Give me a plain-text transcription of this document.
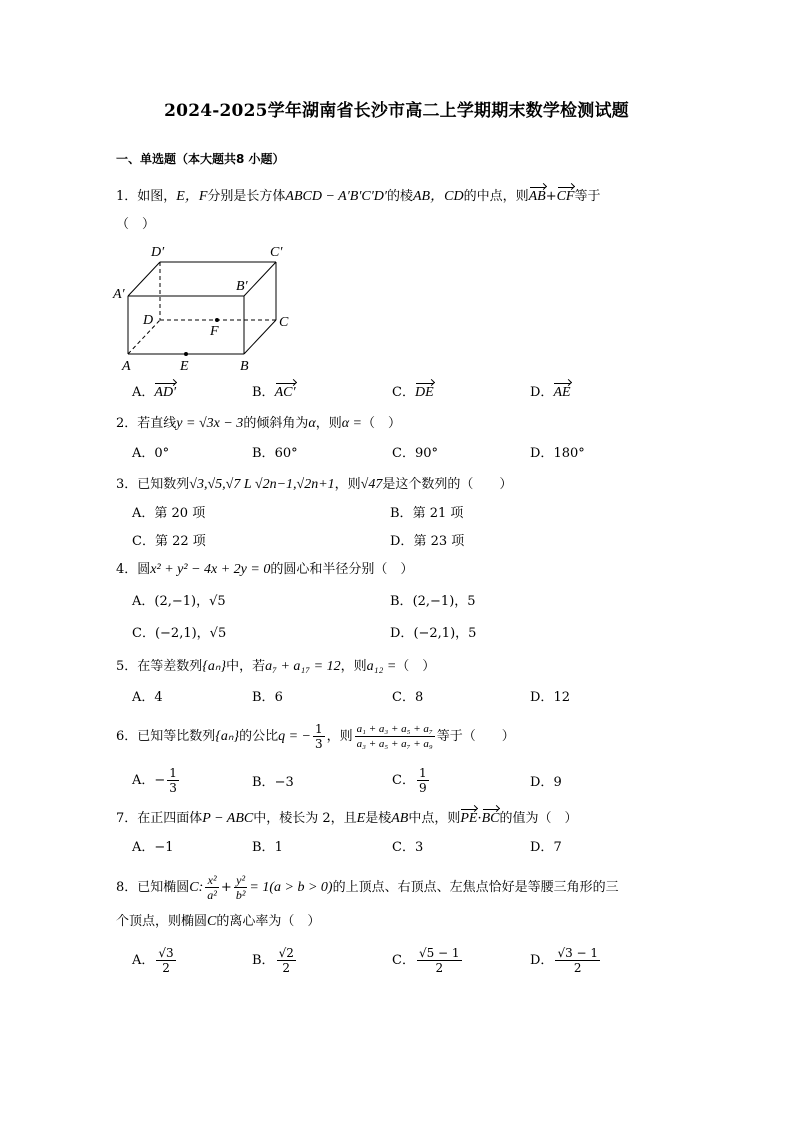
2024-2025学年湖南省长沙市高二上学期期末数学检测试题
一、单选题（本大题共8 小题）
1．如图，E，F分别是长方体ABCD − A′B′C′D′的棱AB，CD的中点，则AB+CF等于
（　）
D′	C′
A′
B′
D	C
F
A	E	B
A．AD′	B．AC′	C．DE	D．AE
2．若直线y = √3x − 3的倾斜角为α，则α =（　）
A．0°	B．60°	C．90°	D．180°
3．已知数列√3,√5,√7 L √2n−1,√2n+1，则√47是这个数列的（　　）
A．第 20 项	B．第 21 项
C．第 22 项	D．第 23 项
4．圆x² + y² − 4x + 2y = 0的圆心和半径分别（　）
A．(2,−1)，√5	B．(2,−1)，5
C．(−2,1)，√5	D．(−2,1)，5
5．在等差数列{aₙ}中，若a₇ + a₁₇ = 12，则a₁₂ =（　）
A．4	B．6	C．8	D．12
6．已知等比数列{aₙ}的公比q = − $\frac{1}{3}$ ，则 $\frac{\text{a₁ + a₃ + a₅ + a₇}}{\text{a₃ + a₅ + a₇ + a₉}}$ 等于（　　）
A．− $\frac{1}{3}$	B．−3	C． $\frac{1}{9}$	D．9
7．在正四面体P − ABC中，棱长为 2，且E是棱AB中点，则PE·BC的值为（　）
A．−1	B．1	C．3	D．7
8．已知椭圆C: $\frac{\text{x²}}{\text{a²}} + \frac{\text{y²}}{\text{b²}} = 1(a > b > 0)$的上顶点、右顶点、左焦点恰好是等腰三角形的三
个顶点，则椭圆C的离心率为（　）
A． $\frac{√3}{2}$	B． $\frac{√2}{2}$	C． $\frac{√5 - 1}{2}$	D． $\frac{√3 - 1}{2}$
